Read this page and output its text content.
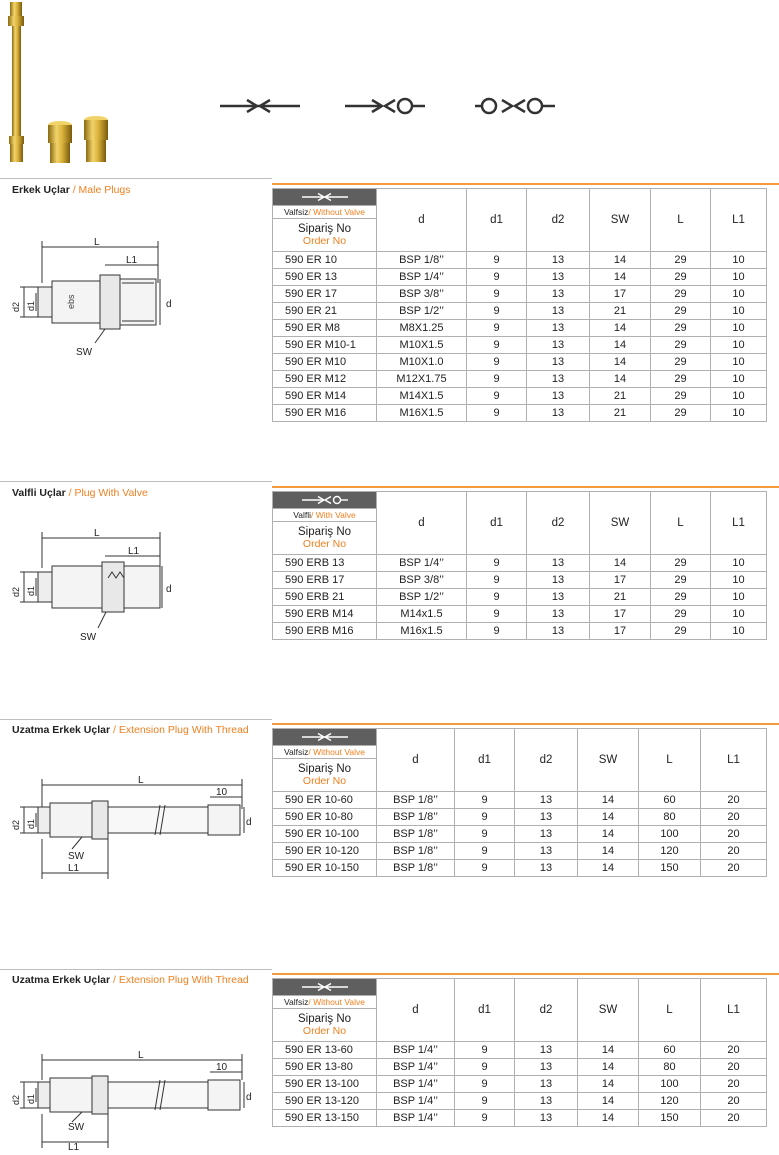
Erkek Uçlar / Male Plugs
L
L1
d
d2 d1
SW
ebs
	d	d1	d2	SW	L	L1
Valfsiz/ Without Valve						
Sipariş No
Order No						

590 ER 10	BSP 1/8’’	9	13	14	29	10
590 ER 13	BSP 1/4’’	9	13	14	29	10
590 ER 17	BSP 3/8’’	9	13	17	29	10
590 ER 21	BSP 1/2’’	9	13	21	29	10
590 ER M8	M8X1.25	9	13	14	29	10
590 ER M10-1	M10X1.5	9	13	14	29	10
590 ER M10	M10X1.0	9	13	14	29	10
590 ER M12	M12X1.75	9	13	14	29	10
590 ER M14	M14X1.5	9	13	21	29	10
590 ER M16	M16X1.5	9	13	21	29	10
Valfli Uçlar / Plug With Valve
L
L1
d
d2 d1
SW
	d	d1	d2	SW	L	L1
Valfli/ With Valve						
Sipariş No
Order No						

590 ERB 13	BSP 1/4’’	9	13	14	29	10
590 ERB 17	BSP 3/8’’	9	13	17	29	10
590 ERB 21	BSP 1/2’’	9	13	21	29	10
590 ERB M14	M14x1.5	9	13	17	29	10
590 ERB M16	M16x1.5	9	13	17	29	10
Uzatma Erkek Uçlar / Extension Plug With Thread
L
10
d
d2 d1
SW
L1
	d	d1	d2	SW	L	L1
Valfsiz/ Without Valve						
Sipariş No
Order No						

590 ER 10-60	BSP 1/8’’	9	13	14	60	20
590 ER 10-80	BSP 1/8’’	9	13	14	80	20
590 ER 10-100	BSP 1/8’’	9	13	14	100	20
590 ER 10-120	BSP 1/8’’	9	13	14	120	20
590 ER 10-150	BSP 1/8’’	9	13	14	150	20
Uzatma Erkek Uçlar / Extension Plug With Thread
L
10
d
d2 d1
SW
L1
	d	d1	d2	SW	L	L1
Valfsiz/ Without Valve						
Sipariş No
Order No						

590 ER 13-60	BSP 1/4’’	9	13	14	60	20
590 ER 13-80	BSP 1/4’’	9	13	14	80	20
590 ER 13-100	BSP 1/4’’	9	13	14	100	20
590 ER 13-120	BSP 1/4’’	9	13	14	120	20
590 ER 13-150	BSP 1/4’’	9	13	14	150	20
